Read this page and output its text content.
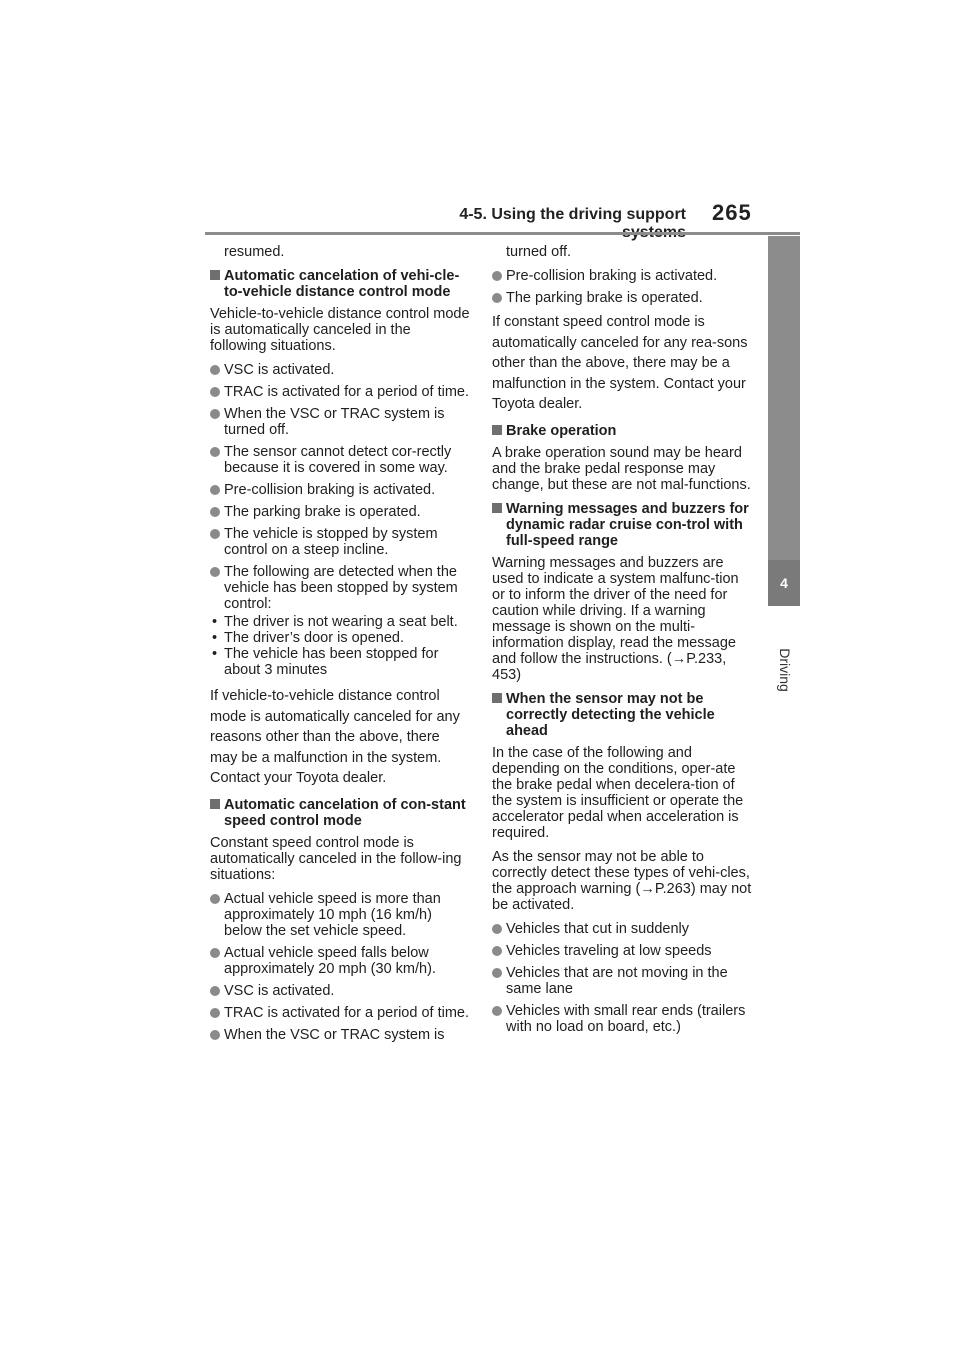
4-5. Using the driving support 265
4
Driving

resumed.

Automatic cancelation of vehi-cle-to-vehicle distance control mode

Vehicle-to-vehicle distance control mode is automatically canceled in the following situations.

VSC is activated.
TRAC is activated for a period of time.
When the VSC or TRAC system is turned off.
The sensor cannot detect cor-rectly because it is covered in some way.
Pre-collision braking is activated.
The parking brake is operated.
The vehicle is stopped by system control on a steep incline.
The following are detected when the vehicle has been stopped by system control:
• The driver is not wearing a seat belt.
• The driver’s door is opened.
• The vehicle has been stopped for about 3 minutes

If vehicle-to-vehicle distance control mode is automatically canceled for any reasons other than the above, there may be a malfunction in the system. Contact your Toyota dealer.

Automatic cancelation of con-stant speed control mode

Constant speed control mode is automatically canceled in the follow-ing situations:

Actual vehicle speed is more than approximately 10 mph (16 km/h) below the set vehicle speed.
Actual vehicle speed falls below approximately 20 mph (30 km/h).
VSC is activated.
TRAC is activated for a period of time.
When the VSC or TRAC system is

turned off.

Pre-collision braking is activated.
The parking brake is operated.

If constant speed control mode is automatically canceled for any rea-sons other than the above, there may be a malfunction in the system. Contact your Toyota dealer.

Brake operation

A brake operation sound may be heard and the brake pedal response may change, but these are not mal-functions.

Warning messages and buzzers for dynamic radar cruise con-trol with full-speed range

Warning messages and buzzers are used to indicate a system malfunc-tion or to inform the driver of the need for caution while driving. If a warning message is shown on the multi-information display, read the message and follow the instructions. (→P.233, 453)

When the sensor may not be correctly detecting the vehicle ahead

In the case of the following and depending on the conditions, oper-ate the brake pedal when decelera-tion of the system is insufficient or operate the accelerator pedal when acceleration is required.

As the sensor may not be able to correctly detect these types of vehi-cles, the approach warning (→P.263) may not be activated.

Vehicles that cut in suddenly
Vehicles traveling at low speeds
Vehicles that are not moving in the same lane
Vehicles with small rear ends (trailers with no load on board, etc.)
